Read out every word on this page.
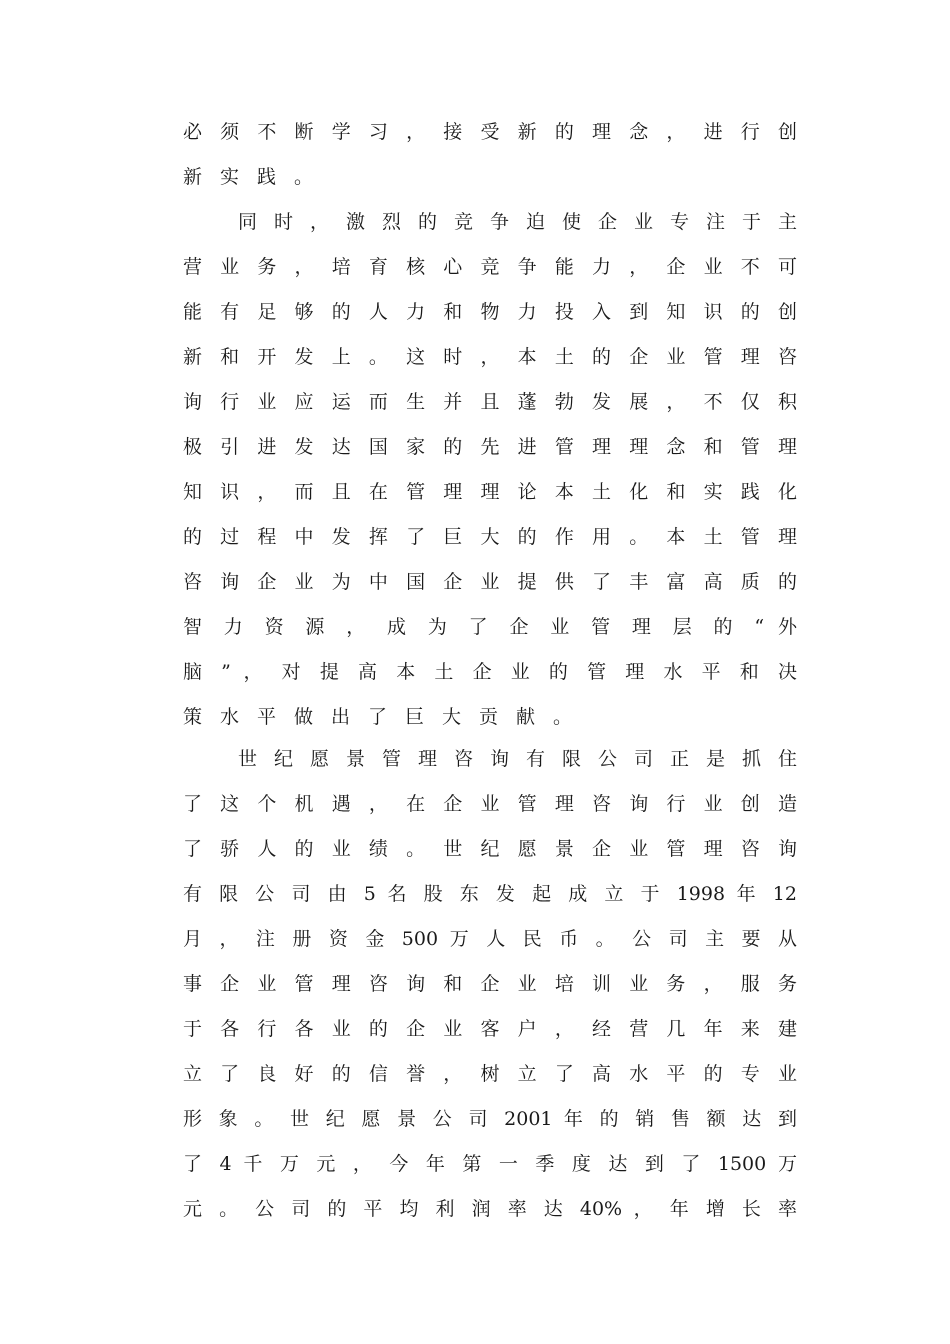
必 须 不 断 学 习 ， 接 受 新 的 理 念 ， 进 行 创
新实践。
同 时 ， 激 烈 的 竞 争 迫 使 企 业 专 注 于 主
营 业 务 ， 培 育 核 心 竞 争 能 力 ， 企 业 不 可
能 有 足 够 的 人 力 和 物 力 投 入 到 知 识 的 创
新 和 开 发 上 。 这 时 ， 本 土 的 企 业 管 理 咨
询 行 业 应 运 而 生 并 且 蓬 勃 发 展 ， 不 仅 积
极 引 进 发 达 国 家 的 先 进 管 理 理 念 和 管 理
知 识 ， 而 且 在 管 理 理 论 本 土 化 和 实 践 化
的 过 程 中 发 挥 了 巨 大 的 作 用 。 本 土 管 理
咨 询 企 业 为 中 国 企 业 提 供 了 丰 富 高 质 的
智 力 资 源 ， 成 为 了 企 业 管 理 层 的 “ 外
脑 ” ， 对 提 高 本 土 企 业 的 管 理 水 平 和 决
策水平做出了巨大贡献。
世 纪 愿 景 管 理 咨 询 有 限 公 司 正 是 抓 住
了 这 个 机 遇 ， 在 企 业 管 理 咨 询 行 业 创 造
了 骄 人 的 业 绩 。 世 纪 愿 景 企 业 管 理 咨 询
有 限 公 司 由 5 名 股 东 发 起 成 立 于 1998 年 12
月 ， 注 册 资 金 500 万 人 民 币 。 公 司 主 要 从
事 企 业 管 理 咨 询 和 企 业 培 训 业 务 ， 服 务
于 各 行 各 业 的 企 业 客 户 ， 经 营 几 年 来 建
立 了 良 好 的 信 誉 ， 树 立 了 高 水 平 的 专 业
形 象 。 世 纪 愿 景 公 司 2001 年 的 销 售 额 达 到
了 4 千 万 元 ， 今 年 第 一 季 度 达 到 了 1500 万
元 。 公 司 的 平 均 利 润 率 达 40% ， 年 增 长 率
